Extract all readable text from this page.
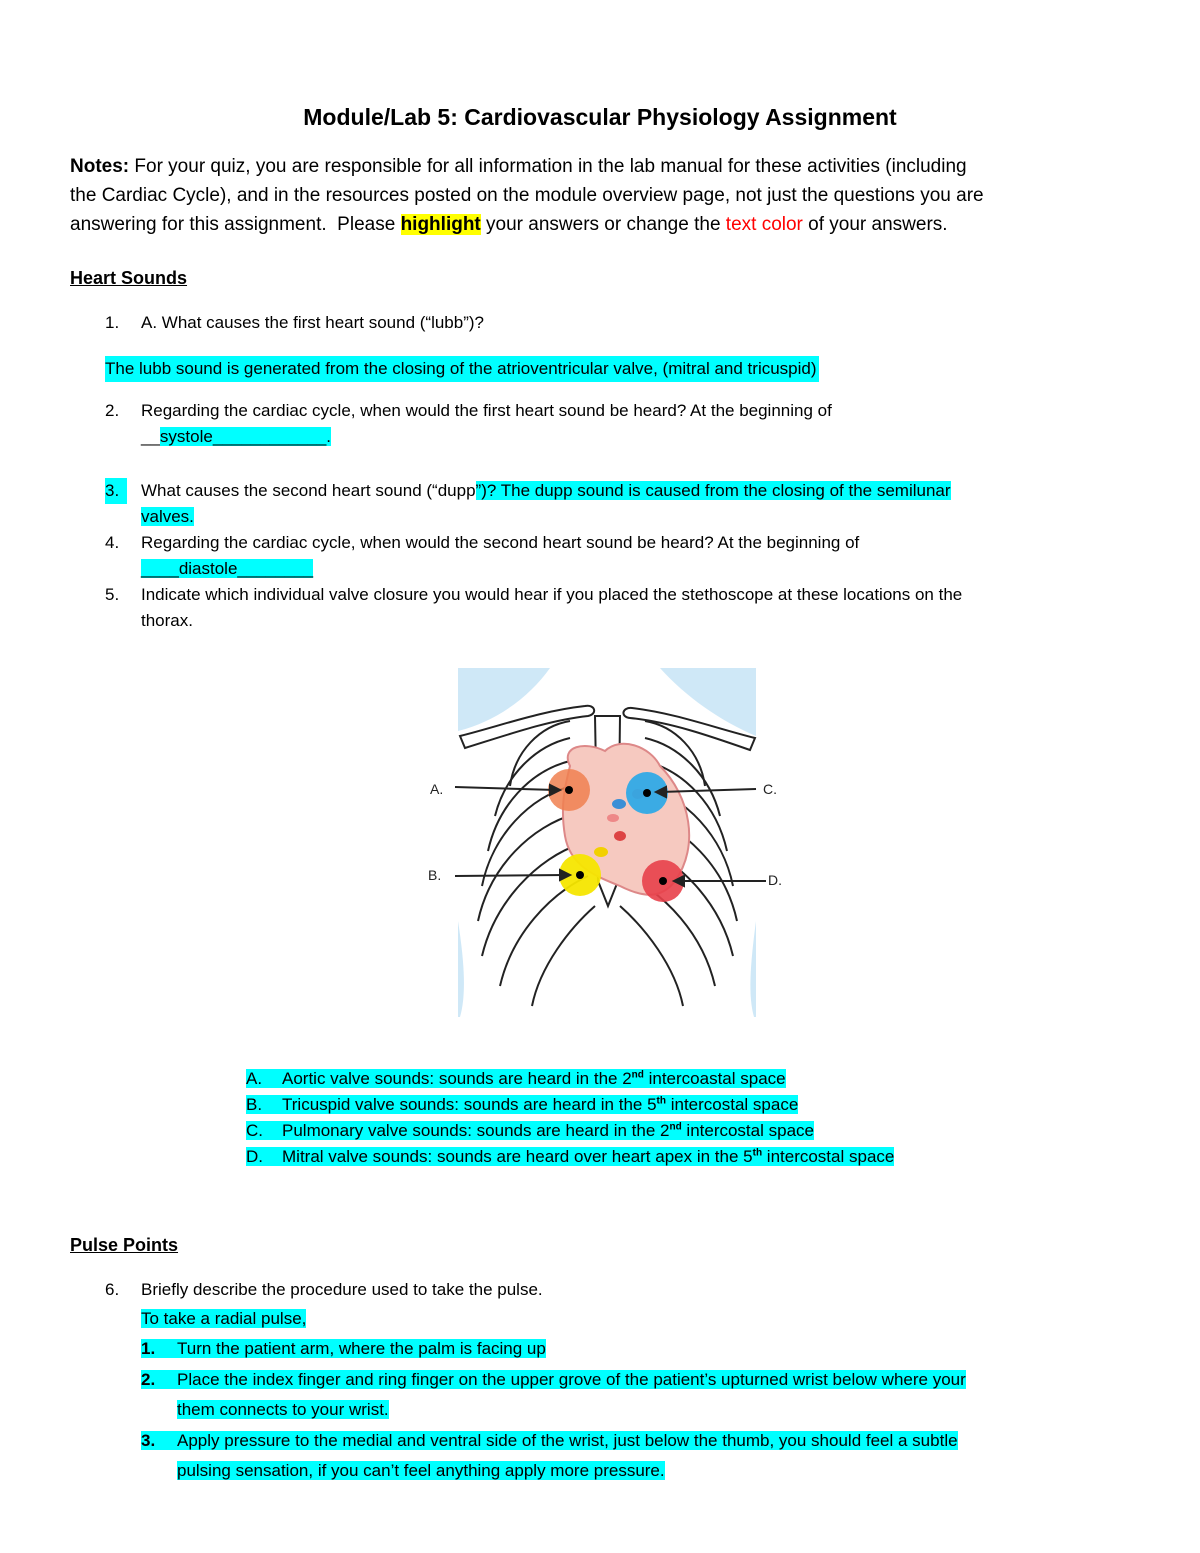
Module/Lab 5: Cardiovascular Physiology Assignment
Notes: For your quiz, you are responsible for all information in the lab manual for these activities (including
the Cardiac Cycle), and in the resources posted on the module overview page, not just the questions you are
answering for this assignment.  Please highlight your answers or change the text color of your answers.
Heart Sounds
1. A. What causes the first heart sound (“lubb”)?
The lubb sound is generated from the closing of the atrioventricular valve, (mitral and tricuspid)
2. Regarding the cardiac cycle, when would the first heart sound be heard? At the beginning of
__systole____________.
3. What causes the second heart sound (“dupp”)? The dupp sound is caused from the closing of the semilunar
valves.
4. Regarding the cardiac cycle, when would the second heart sound be heard? At the beginning of
____diastole________
5. Indicate which individual valve closure you would hear if you placed the stethoscope at these locations on the
thorax.
A.	C.
B.	D.
A. Aortic valve sounds: sounds are heard in the 2nd intercoastal space
B. Tricuspid valve sounds: sounds are heard in the 5th intercostal space
C. Pulmonary valve sounds: sounds are heard in the 2nd intercostal space
D. Mitral valve sounds: sounds are heard over heart apex in the 5th intercostal space
Pulse Points
6. Briefly describe the procedure used to take the pulse.
To take a radial pulse,
1. Turn the patient arm, where the palm is facing up
2. Place the index finger and ring finger on the upper grove of the patient’s upturned wrist below where your
them connects to your wrist.
3. Apply pressure to the medial and ventral side of the wrist, just below the thumb, you should feel a subtle
pulsing sensation, if you can’t feel anything apply more pressure.
